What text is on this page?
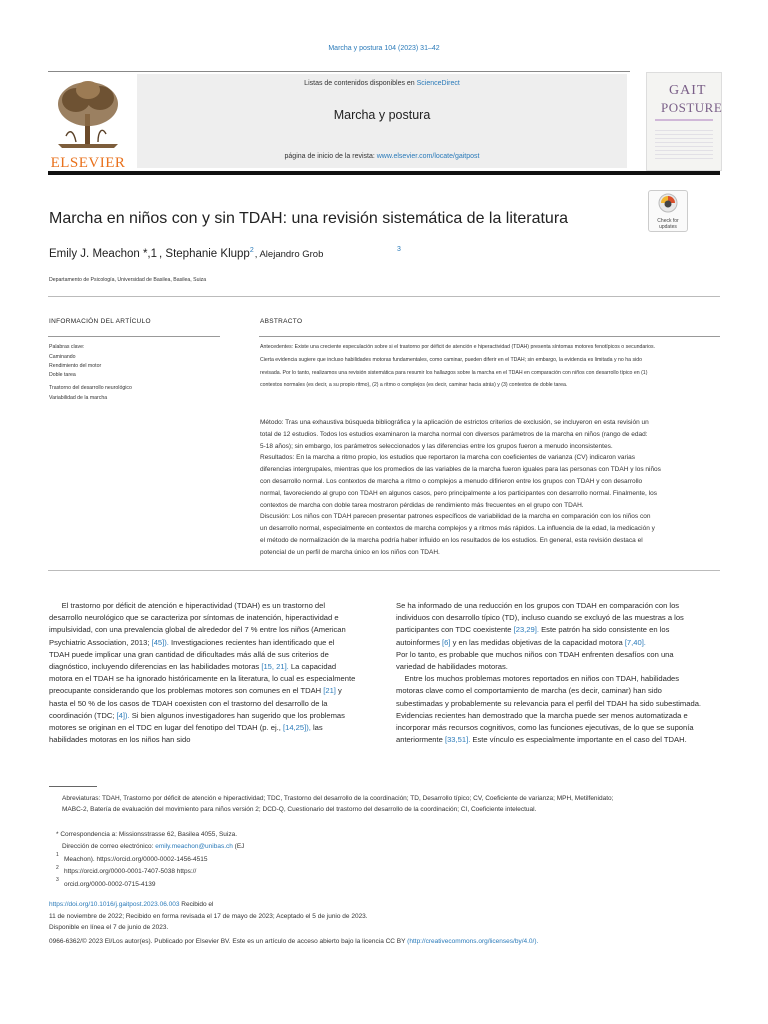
Marcha y postura 104 (2023) 31–42
ELSEVIER
Listas de contenidos disponibles en ScienceDirect
Marcha y postura
página de inicio de la revista: www.elsevier.com/locate/gaitpost
GAIT
POSTURE
Marcha en niños con y sin TDAH: una revisión sistemática de la literatura	Check for updates
Emily J. Meachon *,1 , Stephanie Klupp$^2$, Alejandro Grob	3
Departamento de Psicología, Universidad de Basilea, Basilea, Suiza
INFORMACIÓN DEL ARTÍCULO
Palabras clave:
Caminando
Rendimiento del motor
Doble tarea
Trastorno del desarrollo neurológico
Variabilidad de la marcha
ABSTRACTO
Antecedentes: Existe una creciente especulación sobre si el trastorno por déficit de atención e hiperactividad (TDAH) presenta síntomas motores fenotípicos o secundarios.
Cierta evidencia sugiere que incluso habilidades motoras fundamentales, como caminar, pueden diferir en el TDAH; sin embargo, la evidencia es limitada y no ha sido
revisada. Por lo tanto, realizamos una revisión sistemática para resumir los hallazgos sobre la marcha en el TDAH en comparación con niños con desarrollo típico en (1)
contextos normales (es decir, a su propio ritmo), (2) a ritmo o complejos (es decir, caminar hacia atrás) y (3) contextos de doble tarea.
Método: Tras una exhaustiva búsqueda bibliográfica y la aplicación de estrictos criterios de exclusión, se incluyeron en esta revisión un
total de 12 estudios. Todos los estudios examinaron la marcha normal con diversos parámetros de la marcha en niños (rango de edad:
5-18 años); sin embargo, los parámetros seleccionados y las diferencias entre los grupos fueron a menudo inconsistentes.
Resultados: En la marcha a ritmo propio, los estudios que reportaron la marcha con coeficientes de varianza (CV) indicaron varias
diferencias intergrupales, mientras que los promedios de las variables de la marcha fueron iguales para las personas con TDAH y los niños
con desarrollo normal. Los contextos de marcha a ritmo o complejos a menudo difirieron entre los grupos con TDAH y con desarrollo
normal, favoreciendo al grupo con TDAH en algunos casos, pero principalmente a los participantes con desarrollo normal. Finalmente, los
contextos de marcha con doble tarea mostraron pérdidas de rendimiento más frecuentes en el grupo con TDAH.
Discusión: Los niños con TDAH parecen presentar patrones específicos de variabilidad de la marcha en comparación con los niños con
un desarrollo normal, especialmente en contextos de marcha complejos y a ritmos más rápidos. La influencia de la edad, la medicación y
el método de normalización de la marcha podría haber influido en los resultados de los estudios. En general, esta revisión destaca el
potencial de un perfil de marcha único en los niños con TDAH.
El trastorno por déficit de atención e hiperactividad (TDAH) es un trastorno del
desarrollo neurológico que se caracteriza por síntomas de inatención, hiperactividad e
impulsividad, con una prevalencia global de alrededor del 7 % entre los niños (American
Psychiatric Association, 2013; [45]). Investigaciones recientes han identificado que el
TDAH puede implicar una gran cantidad de dificultades más allá de sus criterios de
diagnóstico, incluyendo diferencias en las habilidades motoras [15, 21]. La capacidad
motora en el TDAH se ha ignorado históricamente en la literatura, lo cual es especialmente
preocupante considerando que los problemas motores son comunes en el TDAH [21] y
hasta el 50 % de los casos de TDAH coexisten con el trastorno del desarrollo de la
coordinación (TDC; [4]). Si bien algunos investigadores han sugerido que los problemas
motores se originan en el TDC en lugar del fenotipo del TDAH (p. ej., [14,25]), las
habilidades motoras en los niños han sido
Se ha informado de una reducción en los grupos con TDAH en comparación con los
individuos con desarrollo típico (TD), incluso cuando se excluyó de las muestras a los
participantes con TDC coexistente [23,29]. Este patrón ha sido consistente en los
autoinformes [6] y en las medidas objetivas de la capacidad motora [7,40].
Por lo tanto, es probable que muchos niños con TDAH enfrenten desafíos con una
variedad de habilidades motoras.
Entre los muchos problemas motores reportados en niños con TDAH, habilidades
motoras clave como el comportamiento de marcha (es decir, caminar) han sido
subestimadas y probablemente su relevancia para el perfil del TDAH ha sido subestimada.
Evidencias recientes han demostrado que la marcha puede ser menos automatizada e
incorporar más recursos cognitivos, como las funciones ejecutivas, de lo que se suponía
anteriormente [33,51]. Este vínculo es especialmente importante en el caso del TDAH.
Abreviaturas: TDAH, Trastorno por déficit de atención e hiperactividad; TDC, Trastorno del desarrollo de la coordinación; TD, Desarrollo típico; CV, Coeficiente de varianza; MPH, Metilfenidato;
MABC-2, Batería de evaluación del movimiento para niños versión 2; DCD-Q, Cuestionario del trastorno del desarrollo de la coordinación; CI, Coeficiente intelectual.
* Correspondencia a: Missionsstrasse 62, Basilea 4055, Suiza.
Dirección de correo electrónico: emily.meachon@unibas.ch (EJ
1
Meachon). https://orcid.org/0000-0002-1456-4515
2 https://orcid.org/0000-0001-7407-5038 https://
3
orcid.org/0000-0002-0715-4139
https://doi.org/10.1016/j.gaitpost.2023.06.003 Recibido el
11 de noviembre de 2022; Recibido en forma revisada el 17 de mayo de 2023; Aceptado el 5 de junio de 2023.
Disponible en línea el 7 de junio de 2023.
0966-6362/© 2023 El/Los autor(es). Publicado por Elsevier BV. Este es un artículo de acceso abierto bajo la licencia CC BY (http://creativecommons.org/licenses/by/4.0/).
